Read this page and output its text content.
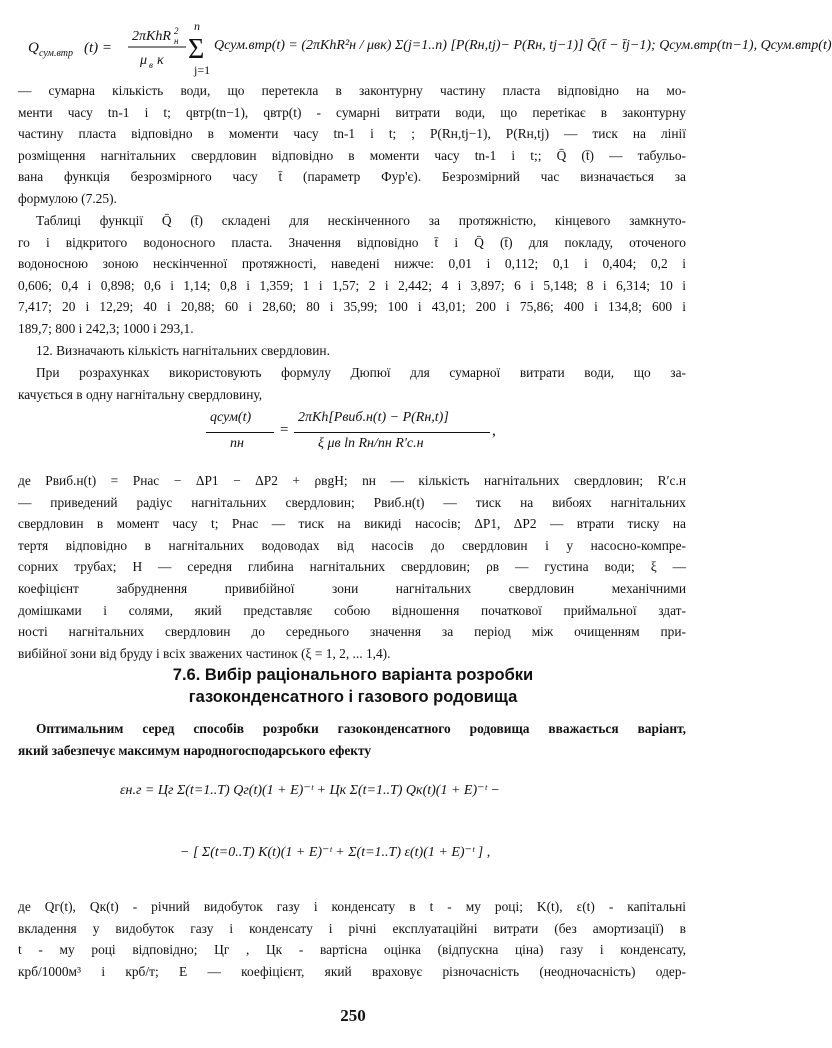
Q сум.втр (t) =
2πKhR 2
н
μ в κ
n
Σ
j=1
Qсум.втр(t) = (2πKhR²н / μвκ) Σ(j=1..n) [P(Rн,tj)− P(Rн, tj−1)] Q̄(t̄ − t̄j−1); Qсум.втр(tn−1), Qсум.втр(t)
— сумарна кількість води, що перетекла в законтурну частину пласта відповідно на мо-
менти часу tn-1 і t; qвтр(tn−1), qвтр(t) - сумарні витрати води, що перетікає в законтурну
частину пласта відповідно в моменти часу tn-1 і t; ; P(Rн,tj−1), P(Rн,tj) — тиск на лінії
розміщення нагнітальних свердловин відповідно в моменти часу tn-1 і t;; Q̄ (t̄) — табульо-
вана функція безрозмірного часу t̄ (параметр Фур'є). Безрозмірний час визначається за
формулою (7.25).
Таблиці функції Q̄ (t̄) складені для нескінченного за протяжністю, кінцевого замкнуто-
го і відкритого водоносного пласта. Значення відповідно t̄ і Q̄ (t̄) для покладу, оточеного
водоносною зоною нескінченної протяжності, наведені нижче: 0,01 і 0,112; 0,1 і 0,404; 0,2 і
0,606; 0,4 і 0,898; 0,6 і 1,14; 0,8 і 1,359; 1 і 1,57; 2 і 2,442; 4 і 3,897; 6 і 5,148; 8 і 6,314; 10 і
7,417; 20 і 12,29; 40 і 20,88; 60 і 28,60; 80 і 35,99; 100 і 43,01; 200 і 75,86; 400 і 134,8; 600 і
189,7; 800 і 242,3; 1000 і 293,1.
12. Визначають кількість нагнітальних свердловин.
При розрахунках використовують формулу Дюпюї для сумарної витрати води, що за-
качується в одну нагнітальну свердловину,
qсум(t)
nн
=
2πKh[Pвиб.н(t) − P(Rн,t)]
ξ μв ln Rн/nн R′с.н
,
де Pвиб.н(t) = Pнас − ΔP1 − ΔP2 + ρвgH; nн — кількість нагнітальних свердловин; R′с.н
— приведений радіус нагнітальних свердловин; Pвиб.н(t) — тиск на вибоях нагнітальних
свердловин в момент часу t; Pнас — тиск на викиді насосів; ΔP1, ΔP2 — втрати тиску на
тертя відповідно в нагнітальних водоводах від насосів до свердловин і у насосно-компре-
сорних трубах; H — середня глибина нагнітальних свердловин; ρв — густина води; ξ —
коефіцієнт забруднення привибійної зони нагнітальних свердловин механічними
домішками і солями, який представляє собою відношення початкової приймальної здат-
ності нагнітальних свердловин до середнього значення за період між очищенням при-
вибійної зони від бруду і всіх зважених частинок (ξ = 1, 2, ... 1,4).
7.6. Вибір раціонального варіанта розробки
газоконденсатного і газового родовища
Оптимальним серед способів розробки газоконденсатного родовища вважається варіант,
який забезпечує максимум народногосподарського ефекту
εн.г = Цг Σ(t=1..T) Qг(t)(1 + E)⁻ᵗ + Цк Σ(t=1..T) Qк(t)(1 + E)⁻ᵗ −
− [ Σ(t=0..T) K(t)(1 + E)⁻ᵗ + Σ(t=1..T) ε(t)(1 + E)⁻ᵗ ] ,
де Qг(t), Qк(t) - річний видобуток газу і конденсату в t - му році; K(t), ε(t) - капітальні
вкладення у видобуток газу і конденсату і річні експлуатаційні витрати (без амортизації) в
t - му році відповідно; Цг , Цк - вартісна оцінка (відпускна ціна) газу і конденсату,
крб/1000м³ і крб/т; E — коефіцієнт, який враховує різночасність (неодночасність) одер-
250
